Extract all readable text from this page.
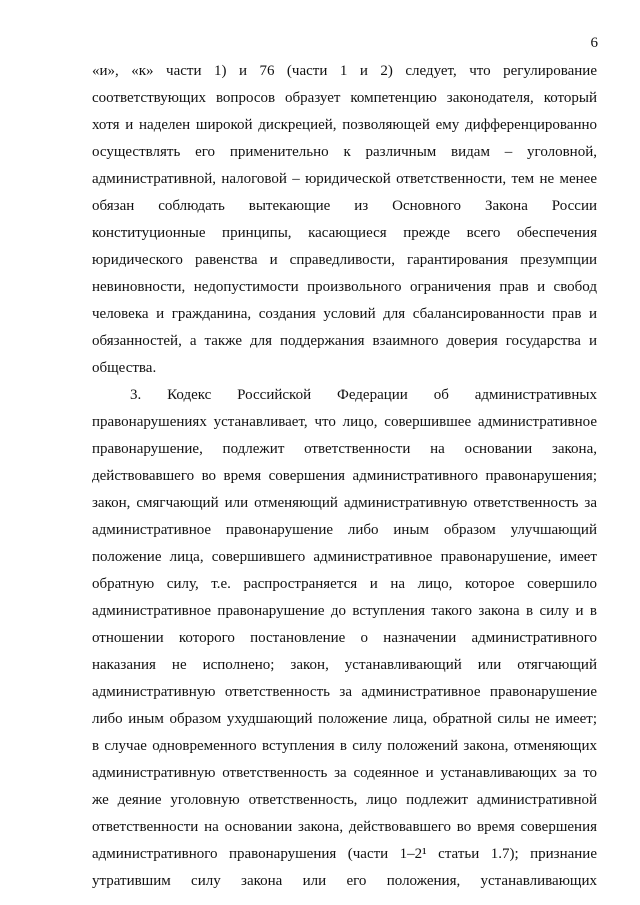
6
«и», «к» части 1) и 76 (части 1 и 2) следует, что регулирование
соответствующих вопросов образует компетенцию законодателя, который
хотя и наделен широкой дискрецией, позволяющей ему дифференцированно
осуществлять его применительно к различным видам – уголовной,
административной, налоговой – юридической ответственности, тем не менее
обязан соблюдать вытекающие из Основного Закона России
конституционные принципы, касающиеся прежде всего обеспечения
юридического равенства и справедливости, гарантирования презумпции
невиновности, недопустимости произвольного ограничения прав и свобод
человека и гражданина, создания условий для сбалансированности прав и
обязанностей, а также для поддержания взаимного доверия государства и
общества.
3. Кодекс Российской Федерации об административных
правонарушениях устанавливает, что лицо, совершившее административное
правонарушение, подлежит ответственности на основании закона,
действовавшего во время совершения административного правонарушения;
закон, смягчающий или отменяющий административную ответственность за
административное правонарушение либо иным образом улучшающий
положение лица, совершившего административное правонарушение, имеет
обратную силу, т.е. распространяется и на лицо, которое совершило
административное правонарушение до вступления такого закона в силу и в
отношении которого постановление о назначении административного
наказания не исполнено; закон, устанавливающий или отягчающий
административную ответственность за административное правонарушение
либо иным образом ухудшающий положение лица, обратной силы не имеет;
в случае одновременного вступления в силу положений закона, отменяющих
административную ответственность за содеянное и устанавливающих за то
же деяние уголовную ответственность, лицо подлежит административной
ответственности на основании закона, действовавшего во время совершения
административного правонарушения (части 1–2¹ статьи 1.7); признание
утратившим силу закона или его положения, устанавливающих
